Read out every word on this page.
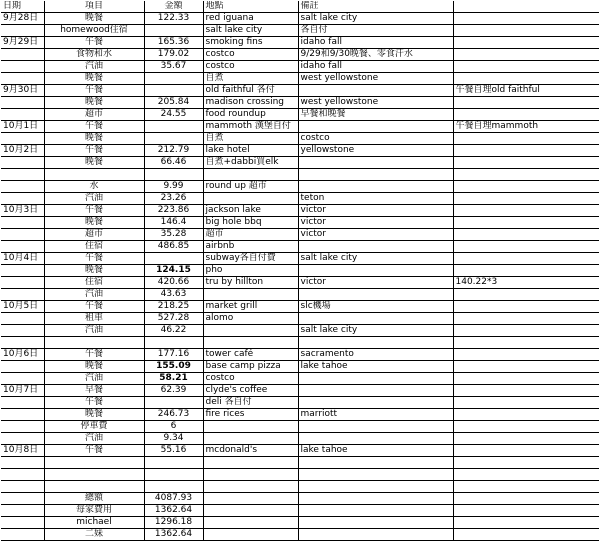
日期	項目	金額	地點	備註	
9月28日	晚餐	122.33	red iguana	salt lake city	
	homewood住宿		salt lake city	各自付	
9月29日	午餐	165.36	smoking fins	idaho fall	
	食物和水	179.02	costco	9/29和9/30晚餐、零食汗水	
	汽油	35.67	costco	idaho fall	
	晚餐		自煮	west yellowstone	
9月30日	午餐		old faithful 各付		午餐自理old faithful
	晚餐	205.84	madison crossing	west yellowstone	
	超市	24.55	food roundup	早餐和晚餐	
10月1日	午餐		mammoth 漢堡自付		午餐自理mammoth
	晚餐		自煮	costco	
10月2日	午餐	212.79	lake hotel	yellowstone	
	晚餐	66.46	自煮+dabbi買elk		

	水	9.99	round up 超市		
	汽油	23.26		teton	
10月3日	午餐	223.86	jackson lake	victor	
	晚餐	146.4	big hole bbq	victor	
	超市	35.28	超市	victor	
	住宿	486.85	airbnb		
10月4日	午餐		subway各自付費	salt lake city	
	晚餐	124.15	pho		
	住宿	420.66	tru by hillton	victor	140.22*3
	汽油	43.63			
10月5日	午餐	218.25	market grill	slc機場	
	租車	527.28	alomo		
	汽油	46.22		salt lake city	

10月6日	午餐	177.16	tower café	sacramento	
	晚餐	155.09	base camp pizza	lake tahoe	
	汽油	58.21	costco		
10月7日	早餐	62.39	clyde's coffee		
	午餐		deli 各自付		
	晚餐	246.73	fire rices	marriott	
	停車費	6			
	汽油	9.34			
10月8日	午餐	55.16	mcdonald's	lake tahoe	

	總額	4087.93			
	每家費用	1362.64			
	michael	1296.18			
	二妹	1362.64			
